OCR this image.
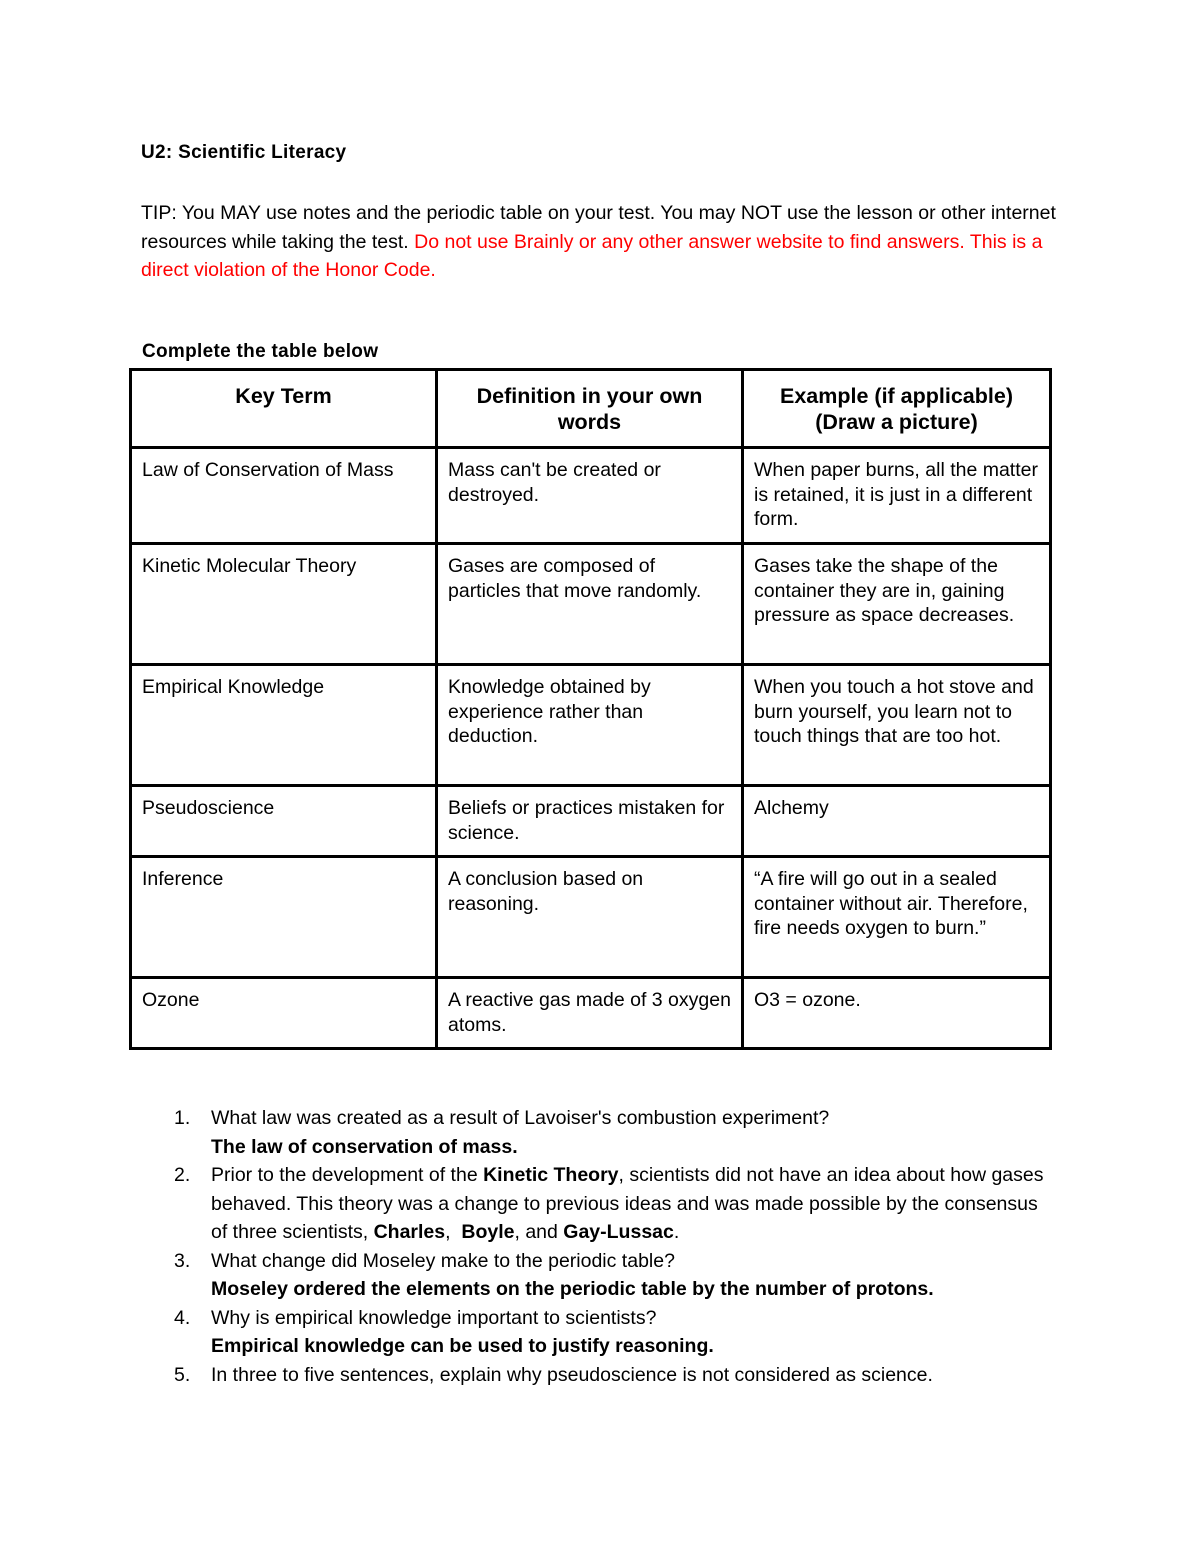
U2: Scientific Literacy
TIP: You MAY use notes and the periodic table on your test. You may NOT use the lesson or other internet resources while taking the test. Do not use Brainly or any other answer website to find answers. This is a direct violation of the Honor Code.
Complete the table below
Key Term	Definition in your own words	Example (if applicable) (Draw a picture)
Law of Conservation of Mass	Mass can't be created or destroyed.	When paper burns, all the matter is retained, it is just in a different form.
Kinetic Molecular Theory	Gases are composed of particles that move randomly.	Gases take the shape of the container they are in, gaining pressure as space decreases.
Empirical Knowledge	Knowledge obtained by experience rather than deduction.	When you touch a hot stove and burn yourself, you learn not to touch things that are too hot.
Pseudoscience	Beliefs or practices mistaken for science.	Alchemy
Inference	A conclusion based on reasoning.	“A fire will go out in a sealed container without air. Therefore, fire needs oxygen to burn.”
Ozone	A reactive gas made of 3 oxygen atoms.	O3 = ozone.
1. What law was created as a result of Lavoiser's combustion experiment?
The law of conservation of mass.
2. Prior to the development of the Kinetic Theory, scientists did not have an idea about how gases behaved. This theory was a change to previous ideas and was made possible by the consensus of three scientists, Charles,  Boyle, and Gay-Lussac.
3. What change did Moseley make to the periodic table?
Moseley ordered the elements on the periodic table by the number of protons.
4. Why is empirical knowledge important to scientists?
Empirical knowledge can be used to justify reasoning.
5. In three to five sentences, explain why pseudoscience is not considered as science.
